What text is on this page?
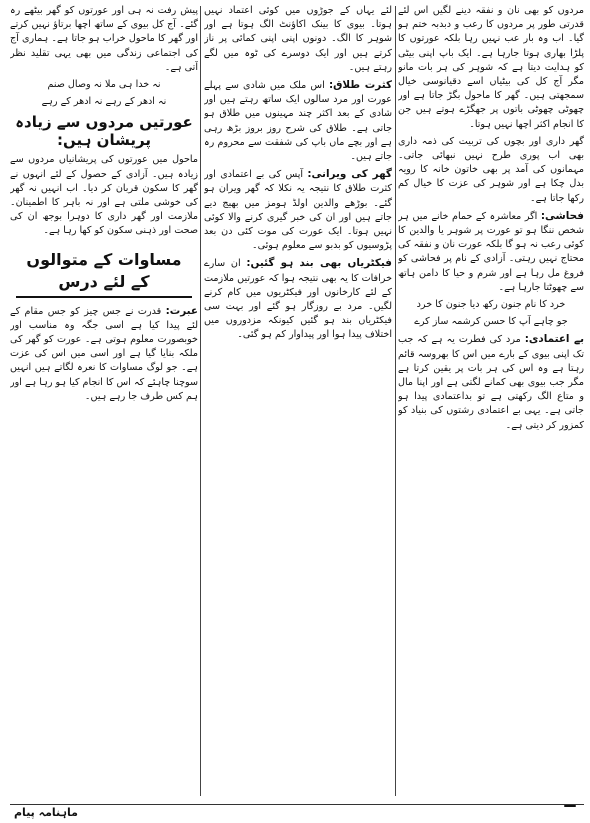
مردوں کو بھی نان و نفقہ دینے لگیں اس لئے قدرتی طور پر مردوں کا رعب و دبدبہ ختم ہو گیا۔ اب وہ بار عب نہیں رہا بلکہ عورتوں کا پلڑا بھاری ہوتا جارہا ہے۔ ایک باپ اپنی بیٹی کو ہدایت دیتا ہے کہ شوہر کی ہر بات مانو مگر آج کل کی بیٹیاں اسے دقیانوسی خیال سمجھتی ہیں۔ گھر کا ماحول بگڑ جاتا ہے اور چھوٹی چھوٹی باتوں پر جھگڑے ہوتے ہیں جن کا انجام اکثر اچھا نہیں ہوتا۔

گھر داری اور بچوں کی تربیت کی ذمہ داری بھی اب پوری طرح نہیں نبھائی جاتی۔ مہمانوں کی آمد پر بھی خاتون خانہ کا رویہ بدل چکا ہے اور شوہر کی عزت کا خیال کم رکھا جاتا ہے۔

فحاشی: اگر معاشرہ کے حمام خانے میں ہر شخص ننگا ہو تو عورت پر شوہر یا والدین کا کوئی رعب نہ ہو گا بلکہ عورت نان و نفقہ کی محتاج نہیں رہتی۔ آزادی کے نام پر فحاشی کو فروغ مل رہا ہے اور شرم و حیا کا دامن ہاتھ سے چھوٹتا جارہا ہے۔

خرد کا نام جنون رکھ دیا جنون کا خرد

جو چاہے آپ کا حسن کرشمہ ساز کرے

بے اعتمادی: مرد کی فطرت یہ ہے کہ جب تک اپنی بیوی کے بارے میں اس کا بھروسہ قائم رہتا ہے وہ اس کی ہر بات پر یقین کرتا ہے مگر جب بیوی بھی کمانے لگتی ہے اور اپنا مال و متاع الگ رکھتی ہے تو بداعتمادی پیدا ہو جاتی ہے۔ یہی بے اعتمادی رشتوں کی بنیاد کو کمزور کر دیتی ہے۔

لئے یہاں کے جوڑوں میں کوئی اعتماد نہیں ہوتا۔ بیوی کا بینک اکاؤنٹ الگ ہوتا ہے اور شوہر کا الگ۔ دونوں اپنی اپنی کمائی پر ناز کرتے ہیں اور ایک دوسرے کی ٹوہ میں لگے رہتے ہیں۔

کثرت طلاق: اس ملک میں شادی سے پہلے عورت اور مرد سالوں ایک ساتھ رہتے ہیں اور شادی کے بعد اکثر چند مہینوں میں طلاق ہو جاتی ہے۔ طلاق کی شرح روز بروز بڑھ رہی ہے اور بچے ماں باپ کی شفقت سے محروم رہ جاتے ہیں۔

گھر کی ویرانی: آپس کی بے اعتمادی اور کثرت طلاق کا نتیجہ یہ نکلا کہ گھر ویران ہو گئے۔ بوڑھے والدین اولڈ ہومز میں بھیج دیے جاتے ہیں اور ان کی خبر گیری کرنے والا کوئی نہیں ہوتا۔ ایک عورت کی موت کئی دن بعد پڑوسیوں کو بدبو سے معلوم ہوئی۔

فیکٹریاں بھی بند ہو گئیں: ان سارے خرافات کا یہ بھی نتیجہ ہوا کہ عورتیں ملازمت کے لئے کارخانوں اور فیکٹریوں میں کام کرنے لگیں۔ مرد بے روزگار ہو گئے اور بہت سی فیکٹریاں بند ہو گئیں کیونکہ مزدوروں میں اختلاف پیدا ہوا اور پیداوار کم ہو گئی۔

پیش رفت نہ ہی اور عورتوں کو گھر بیٹھے رہ گئے۔ آج کل بیوی کے ساتھ اچھا برتاؤ نہیں کرتے اور گھر کا ماحول خراب ہو جاتا ہے۔ ہماری آج کی اجتماعی زندگی میں بھی یہی تقلید نظر آتی ہے۔

نہ خدا ہی ملا نہ وصال صنم

نہ ادھر کے رہے نہ ادھر کے رہے

عورتیں مردوں سے زیادہ پریشان ہیں:

ماحول میں عورتوں کی پریشانیاں مردوں سے زیادہ ہیں۔ آزادی کے حصول کے لئے انہوں نے گھر کا سکون قربان کر دیا۔ اب انہیں نہ گھر کی خوشی ملتی ہے اور نہ باہر کا اطمینان۔ ملازمت اور گھر داری کا دوہرا بوجھ ان کی صحت اور ذہنی سکون کو کھا رہا ہے۔

مساوات کے متوالوں کے لئے درس

عبرت: قدرت نے جس چیز کو جس مقام کے لئے پیدا کیا ہے اسی جگہ وہ مناسب اور خوبصورت معلوم ہوتی ہے۔ عورت کو گھر کی ملکہ بنایا گیا ہے اور اسی میں اس کی عزت ہے۔ جو لوگ مساوات کا نعرہ لگاتے ہیں انہیں سوچنا چاہئے کہ اس کا انجام کیا ہو رہا ہے اور ہم کس طرف جا رہے ہیں۔

ماہنامہ پیام
